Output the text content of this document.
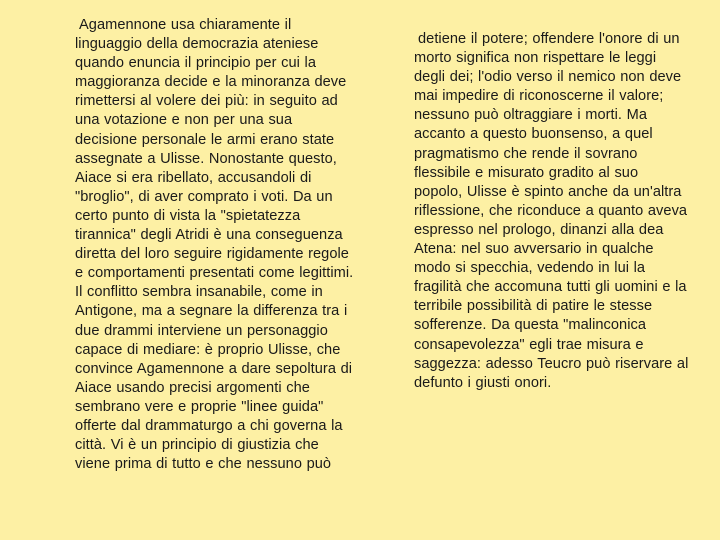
Agamennone usa chiaramente il linguaggio della democrazia ateniese quando enuncia il principio per cui la maggioranza decide e la minoranza deve rimettersi al volere dei più: in seguito ad una votazione e non per una sua decisione personale le armi erano state assegnate a Ulisse. Nonostante questo, Aiace si era ribellato, accusandoli di "broglio", di aver comprato i voti. Da un certo punto di vista la "spietatezza tirannica" degli Atridi è una conseguenza diretta del loro seguire rigidamente regole e comportamenti presentati come legittimi. Il conflitto sembra insanabile, come in Antigone, ma a segnare la differenza tra i due drammi interviene un personaggio capace di mediare: è proprio Ulisse, che convince Agamennone a dare sepoltura di Aiace usando precisi argomenti che sembrano vere e proprie "linee guida" offerte dal drammaturgo a chi governa la città. Vi è un principio di giustizia che viene prima di tutto e che nessuno può

detiene il potere; offendere l'onore di un morto significa non rispettare le leggi degli dei; l'odio verso il nemico non deve mai impedire di riconoscerne il valore; nessuno può oltraggiare i morti. Ma accanto a questo buonsenso, a quel pragmatismo che rende il sovrano flessibile e misurato gradito al suo popolo, Ulisse è spinto anche da un'altra riflessione, che riconduce a quanto aveva espresso nel prologo, dinanzi alla dea Atena: nel suo avversario in qualche modo si specchia, vedendo in lui la fragilità che accomuna tutti gli uomini e la terribile possibilità di patire le stesse sofferenze. Da questa "malinconica consapevolezza" egli trae misura e saggezza: adesso Teucro può riservare al defunto i giusti onori.
